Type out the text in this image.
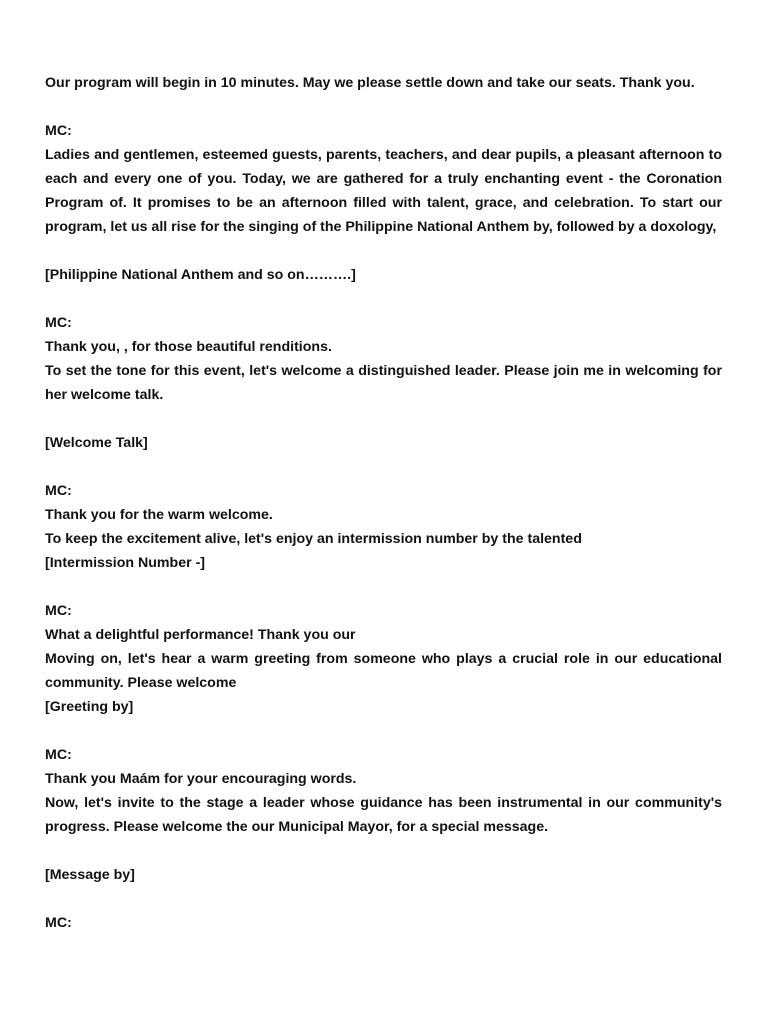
Our program will begin in 10 minutes. May we please settle down and take our seats. Thank you.

MC:

Ladies and gentlemen, esteemed guests, parents, teachers, and dear pupils, a pleasant afternoon to each and every one of you. Today, we are gathered for a truly enchanting event - the Coronation Program of. It promises to be an afternoon filled with talent, grace, and celebration. To start our program, let us all rise for the singing of the Philippine National Anthem by, followed by a doxology,

[Philippine National Anthem and so on……….]

MC:

Thank you, , for those beautiful renditions.

To set the tone for this event, let's welcome a distinguished leader. Please join me in welcoming for her welcome talk.

[Welcome Talk]

MC:

Thank you for the warm welcome.

To keep the excitement alive, let's enjoy an intermission number by the talented

[Intermission Number -]

MC:

What a delightful performance! Thank you our

Moving on, let's hear a warm greeting from someone who plays a crucial role in our educational community. Please welcome

[Greeting by]

MC:

Thank you Maám for your encouraging words.

Now, let's invite to the stage a leader whose guidance has been instrumental in our community's progress. Please welcome the our Municipal Mayor, for a special message.

[Message by]

MC:
